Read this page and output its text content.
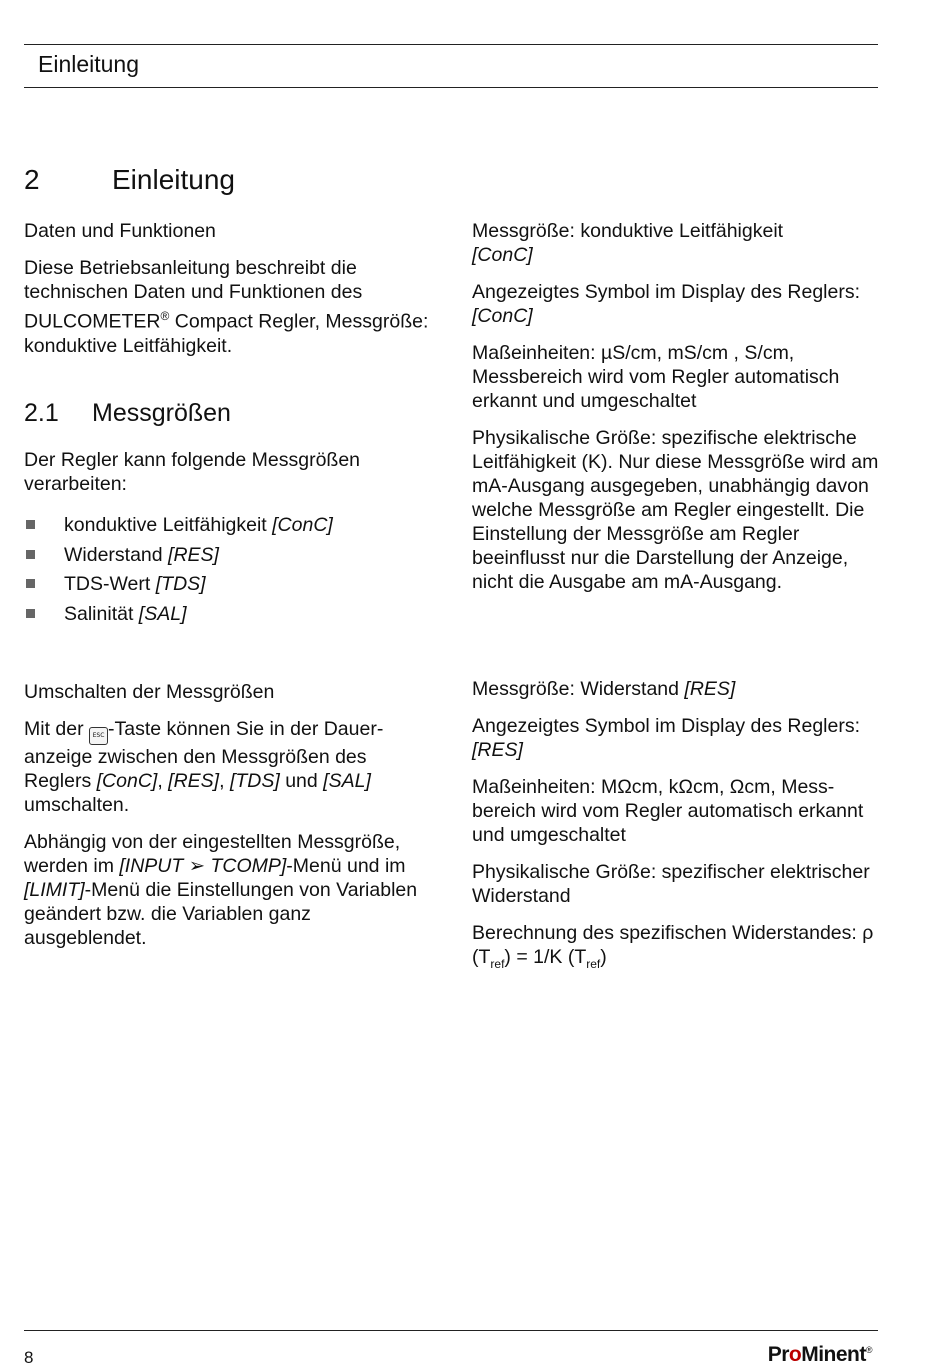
Einleitung
2	Einleitung
Daten und Funktionen

Diese Betriebsanleitung beschreibt die technischen Daten und Funktionen des DULCOMETER® Compact Regler, Messgröße: konduktive Leitfähigkeit.

2.1 Messgrößen

Der Regler kann folgende Messgrößen verarbeiten:

konduktive Leitfähigkeit [ConC]
Widerstand [RES]
TDS-Wert [TDS]
Salinität [SAL]
Umschalten der Messgrößen

Mit der ESC -Taste können Sie in der Daueranzeige zwischen den Messgrößen des Reglers [ConC], [RES], [TDS] und [SAL] umschalten.

Abhängig von der eingestellten Messgröße, werden im [INPUT ➢ TCOMP]-Menü und im [LIMIT]-Menü die Einstellungen von Variablen geändert bzw. die Variablen ganz ausgeblendet.

Messgröße: konduktive Leitfähigkeit
[ConC]

Angezeigtes Symbol im Display des Reglers: [ConC]

Maßeinheiten: µS/cm, mS/cm , S/cm, Messbereich wird vom Regler automatisch erkannt und umgeschaltet

Physikalische Größe: spezifische elektrische Leitfähigkeit (K). Nur diese Messgröße wird am mA-Ausgang ausgegeben, unabhängig davon welche Messgröße am Regler eingestellt. Die Einstellung der Messgröße am Regler beeinflusst nur die Darstellung der Anzeige, nicht die Ausgabe am mA-Ausgang.

Messgröße: Widerstand [RES]

Angezeigtes Symbol im Display des Reglers: [RES]

Maßeinheiten: MΩcm, kΩcm, Ωcm, Messbereich wird vom Regler automatisch erkannt und umgeschaltet

Physikalische Größe: spezifischer elektrischer Widerstand

Berechnung des spezifischen Widerstandes: ρ $(T_{ref}) = 1/K$ $(T_{ref})$

8	ProMinent®
